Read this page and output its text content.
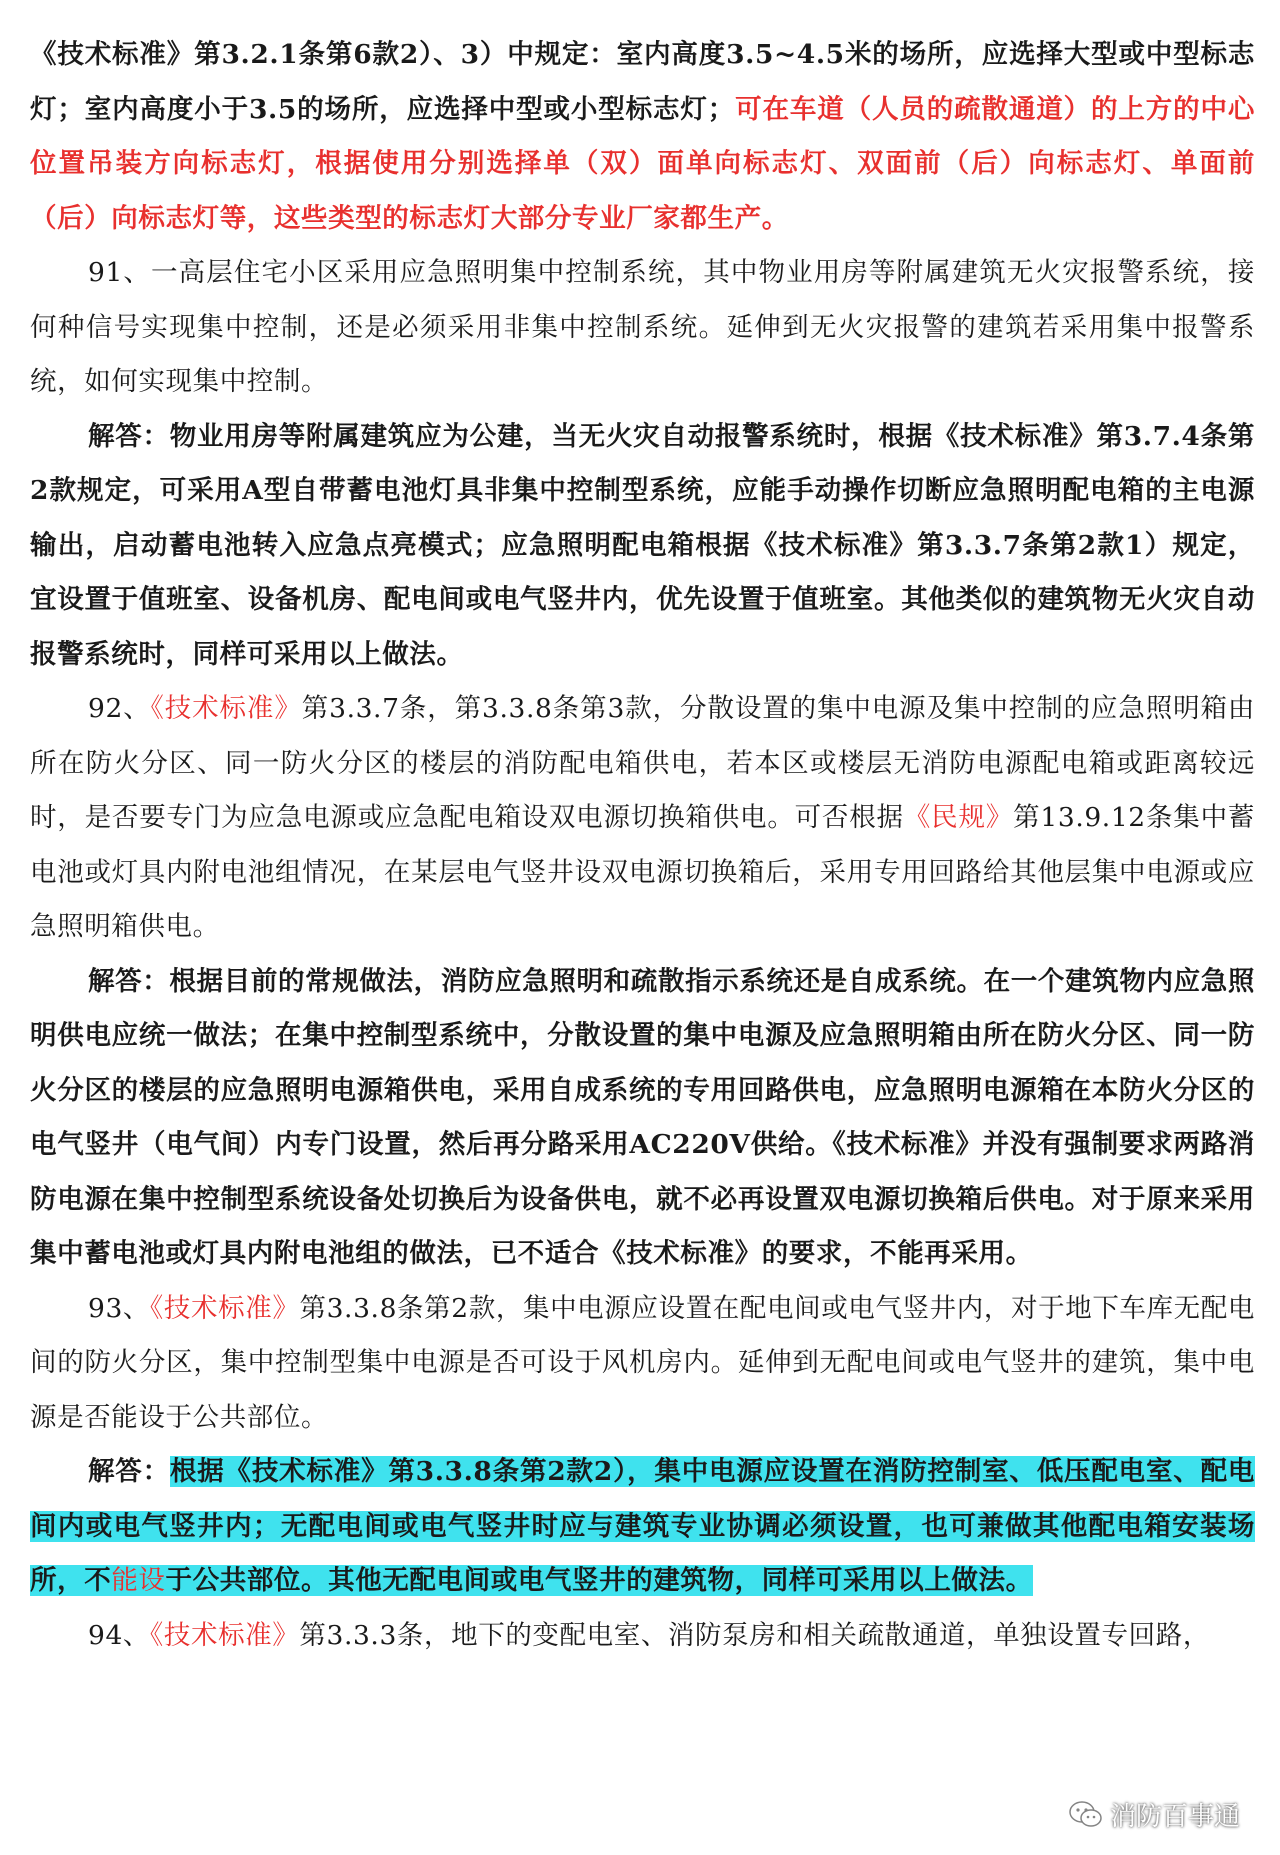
《技术标准》第3.2.1条第6款2）、3）中规定：室内高度3.5~4.5米的场所，应选择大型或中型标志灯；室内高度小于3.5的场所，应选择中型或小型标志灯；可在车道（人员的疏散通道）的上方的中心位置吊装方向标志灯，根据使用分别选择单（双）面单向标志灯、双面前（后）向标志灯、单面前（后）向标志灯等，这些类型的标志灯大部分专业厂家都生产。

91、一高层住宅小区采用应急照明集中控制系统，其中物业用房等附属建筑无火灾报警系统，接何种信号实现集中控制，还是必须采用非集中控制系统。延伸到无火灾报警的建筑若采用集中报警系统，如何实现集中控制。

解答：物业用房等附属建筑应为公建，当无火灾自动报警系统时，根据《技术标准》第3.7.4条第2款规定，可采用A型自带蓄电池灯具非集中控制型系统，应能手动操作切断应急照明配电箱的主电源输出，启动蓄电池转入应急点亮模式；应急照明配电箱根据《技术标准》第3.3.7条第2款1）规定，宜设置于值班室、设备机房、配电间或电气竖井内，优先设置于值班室。其他类似的建筑物无火灾自动报警系统时，同样可采用以上做法。

92、《技术标准》第3.3.7条，第3.3.8条第3款，分散设置的集中电源及集中控制的应急照明箱由所在防火分区、同一防火分区的楼层的消防配电箱供电，若本区或楼层无消防电源配电箱或距离较远时，是否要专门为应急电源或应急配电箱设双电源切换箱供电。可否根据《民规》第13.9.12条集中蓄电池或灯具内附电池组情况，在某层电气竖井设双电源切换箱后，采用专用回路给其他层集中电源或应急照明箱供电。

解答：根据目前的常规做法，消防应急照明和疏散指示系统还是自成系统。在一个建筑物内应急照明供电应统一做法；在集中控制型系统中，分散设置的集中电源及应急照明箱由所在防火分区、同一防火分区的楼层的应急照明电源箱供电，采用自成系统的专用回路供电，应急照明电源箱在本防火分区的电气竖井（电气间）内专门设置，然后再分路采用AC220V供给。《技术标准》并没有强制要求两路消防电源在集中控制型系统设备处切换后为设备供电，就不必再设置双电源切换箱后供电。对于原来采用集中蓄电池或灯具内附电池组的做法，已不适合《技术标准》的要求，不能再采用。

93、《技术标准》第3.3.8条第2款，集中电源应设置在配电间或电气竖井内，对于地下车库无配电间的防火分区，集中控制型集中电源是否可设于风机房内。延伸到无配电间或电气竖井的建筑，集中电源是否能设于公共部位。

解答：根据《技术标准》第3.3.8条第2款2），集中电源应设置在消防控制室、低压配电室、配电间内或电气竖井内；无配电间或电气竖井时应与建筑专业协调必须设置，也可兼做其他配电箱安装场所，不能设于公共部位。其他无配电间或电气竖井的建筑物，同样可采用以上做法。

94、《技术标准》第3.3.3条，地下的变配电室、消防泵房和相关疏散通道，单独设置专回路，

消防百事通
